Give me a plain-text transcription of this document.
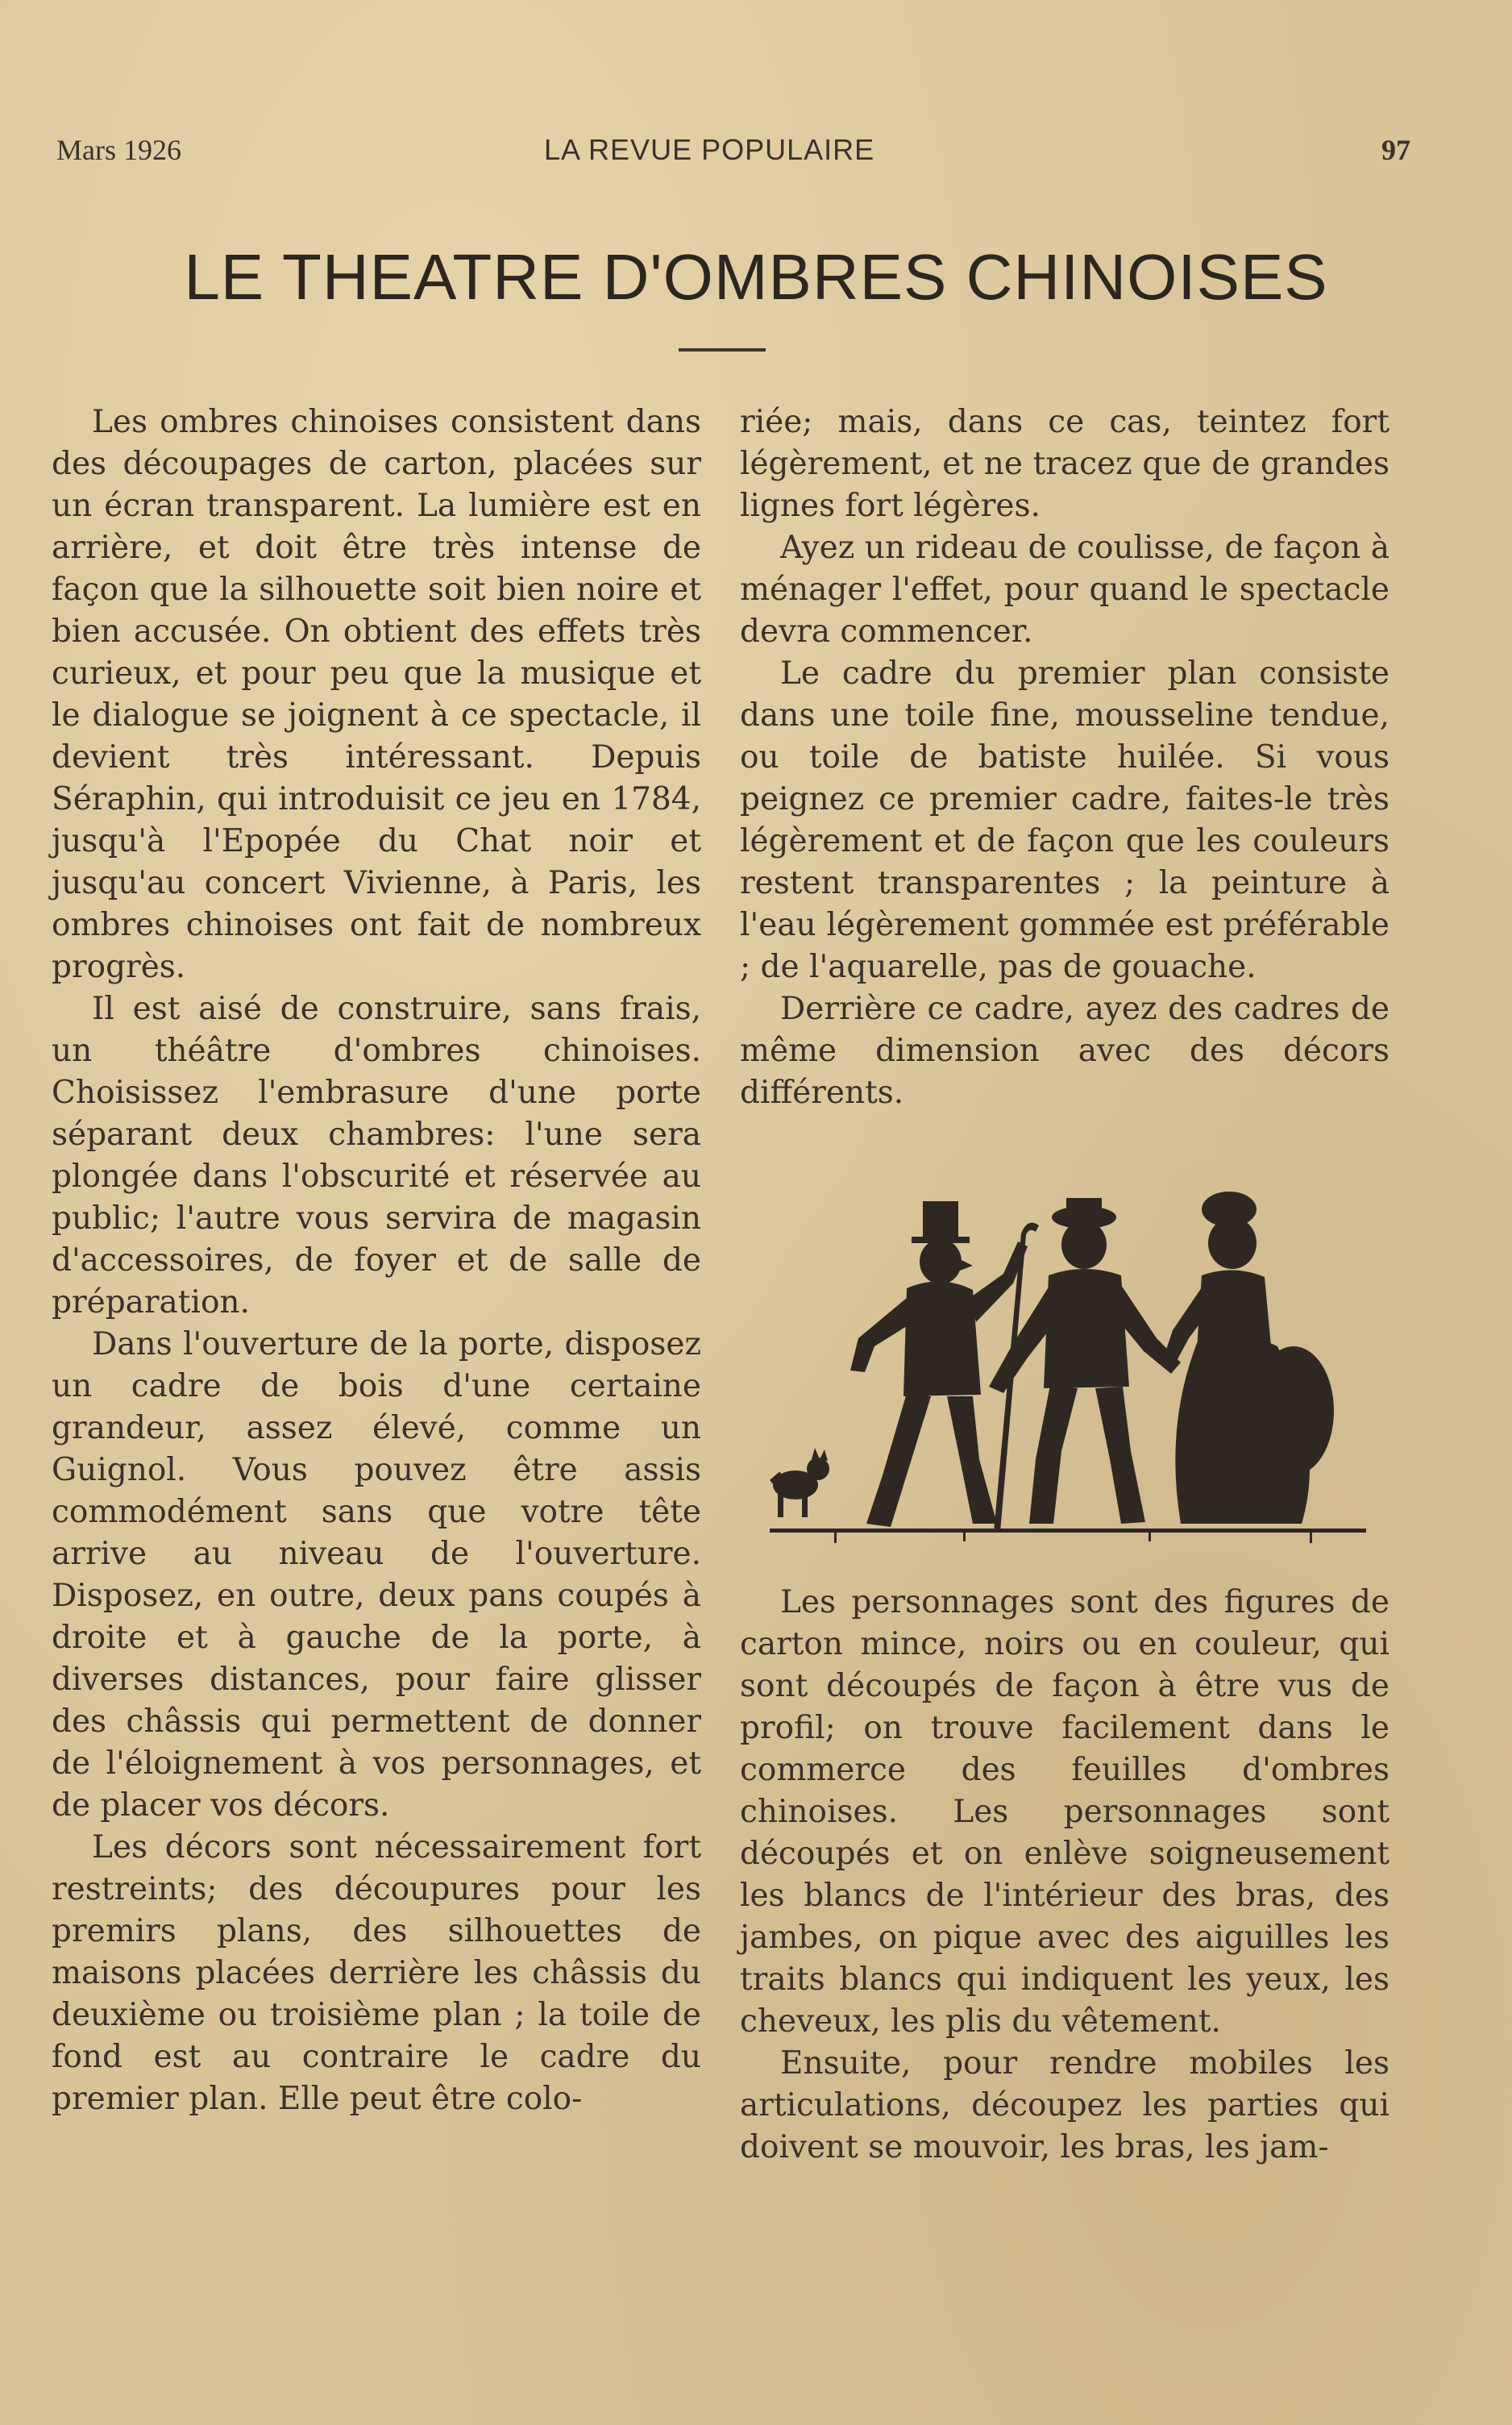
Mars 1926	LA REVUE POPULAIRE	97
LE THEATRE D'OMBRES CHINOISES

Les ombres chinoises consistent dans des découpages de carton, placées sur un écran transparent. La lumière est en arrière, et doit être très intense de façon que la silhouette soit bien noire et bien accusée. On obtient des effets très curieux, et pour peu que la musique et le dialogue se joignent à ce spectacle, il devient très intéressant. Depuis Séraphin, qui introduisit ce jeu en 1784, jusqu'à l'Epopée du Chat noir et jusqu'au concert Vivienne, à Paris, les ombres chinoises ont fait de nombreux progrès.

Il est aisé de construire, sans frais, un théâtre d'ombres chinoises. Choisissez l'embrasure d'une porte séparant deux chambres: l'une sera plongée dans l'obscurité et réservée au public; l'autre vous servira de magasin d'accessoires, de foyer et de salle de préparation.

Dans l'ouverture de la porte, disposez un cadre de bois d'une certaine grandeur, assez élevé, comme un Guignol. Vous pouvez être assis commodément sans que votre tête arrive au niveau de l'ouverture. Disposez, en outre, deux pans coupés à droite et à gauche de la porte, à diverses distances, pour faire glisser des châssis qui permettent de donner de l'éloignement à vos personnages, et de placer vos décors.

Les décors sont nécessairement fort restreints; des découpures pour les premirs plans, des silhouettes de maisons placées derrière les châssis du deuxième ou troisième plan ; la toile de fond est au contraire le cadre du premier plan. Elle peut être colo-

riée; mais, dans ce cas, teintez fort légèrement, et ne tracez que de grandes lignes fort légères.

Ayez un rideau de coulisse, de façon à ménager l'effet, pour quand le spectacle devra commencer.

Le cadre du premier plan consiste dans une toile fine, mousseline tendue, ou toile de batiste huilée. Si vous peignez ce premier cadre, faites-le très légèrement et de façon que les couleurs restent transparentes ; la peinture à l'eau légèrement gommée est préférable ; de l'aquarelle, pas de gouache.

Derrière ce cadre, ayez des cadres de même dimension avec des décors différents.

Les personnages sont des figures de carton mince, noirs ou en couleur, qui sont découpés de façon à être vus de profil; on trouve facilement dans le commerce des feuilles d'ombres chinoises. Les personnages sont découpés et on enlève soigneusement les blancs de l'intérieur des bras, des jambes, on pique avec des aiguilles les traits blancs qui indiquent les yeux, les cheveux, les plis du vêtement.

Ensuite, pour rendre mobiles les articulations, découpez les parties qui doivent se mouvoir, les bras, les jam-
